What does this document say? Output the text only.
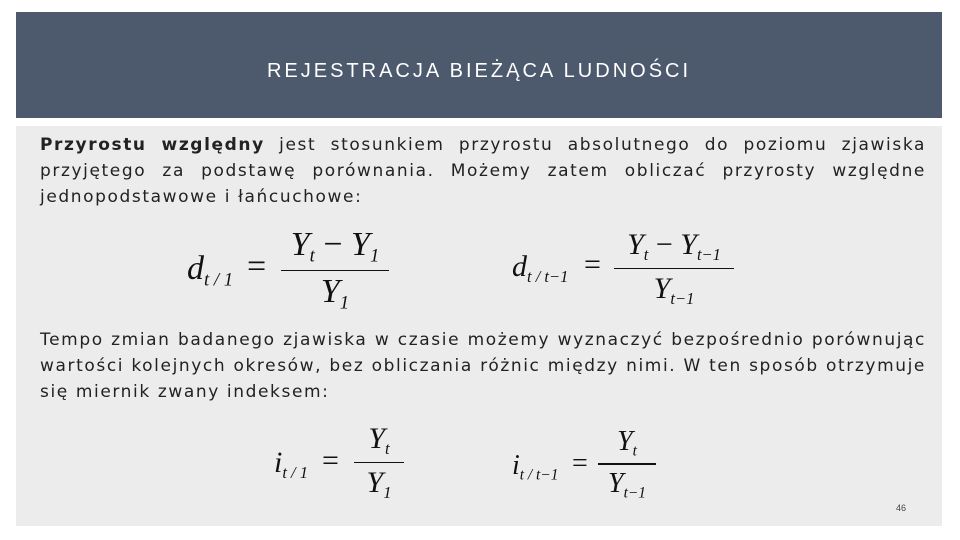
REJESTRACJA BIEŻĄCA LUDNOŚCI

Przyrostu względny jest stosunkiem przyrostu absolutnego do poziomu zjawiska przyjętego za podstawę porównania. Możemy zatem obliczać przyrosty względne jednopodstawowe i łańcuchowe:

$d_{t / 1}$ =
$Y_t - Y_1$
$Y_1$
$d_{t / t-1}$ =
$Y_t - Y_{t-1}$
$Y_{t-1}$

Tempo zmian badanego zjawiska w czasie możemy wyznaczyć bezpośrednio porównując wartości kolejnych okresów, bez obliczania różnic między nimi. W ten sposób otrzymuje się miernik zwany indeksem:

$i_{t / 1}$ =
$Y_t$
$Y_1$
$i_{t / t-1}$ =
$Y_t$
$Y_{t-1}$
46
